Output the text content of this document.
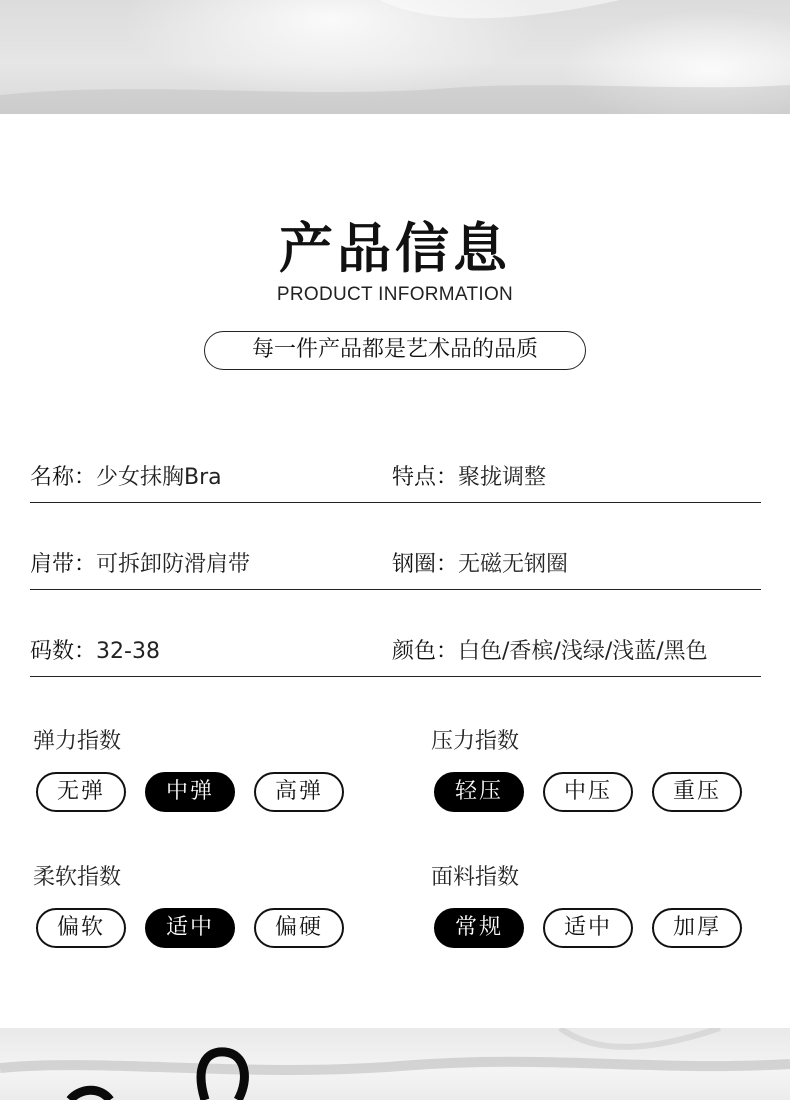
产品信息
PRODUCT INFORMATION
每一件产品都是艺术品的品质
名称：少女抹胸Bra	特点：聚拢调整
肩带：可拆卸防滑肩带	钢圈：无磁无钢圈
码数：32-38	颜色：白色/香槟/浅绿/浅蓝/黑色
弹力指数
无弹	中弹	高弹
压力指数
轻压	中压	重压
柔软指数
偏软	适中	偏硬
面料指数
常规	适中	加厚
